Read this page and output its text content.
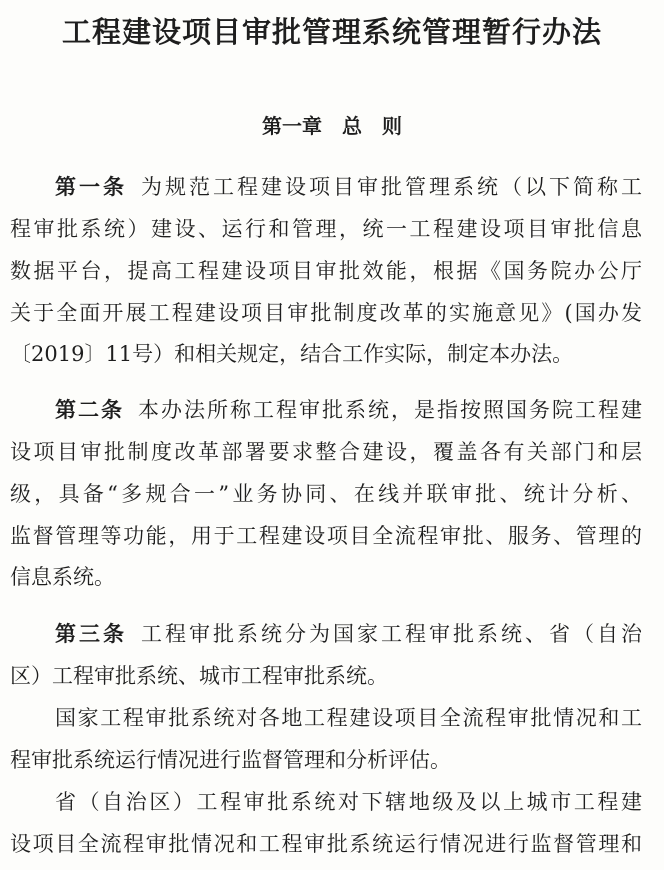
工程建设项目审批管理系统管理暂行办法
第一章 总 则
第一条 为规范工程建设项目审批管理系统（以下简称工
程审批系统）建设、运行和管理，统一工程建设项目审批信息
数据平台，提高工程建设项目审批效能，根据《国务院办公厅
关于全面开展工程建设项目审批制度改革的实施意见》(国办发
〔2019〕11号）和相关规定，结合工作实际，制定本办法。
第二条 本办法所称工程审批系统，是指按照国务院工程建
设项目审批制度改革部署要求整合建设，覆盖各有关部门和层
级，具备“多规合一”业务协同、在线并联审批、统计分析、
监督管理等功能，用于工程建设项目全流程审批、服务、管理的
信息系统。
第三条 工程审批系统分为国家工程审批系统、省（自治
区）工程审批系统、城市工程审批系统。
国家工程审批系统对各地工程建设项目全流程审批情况和工
程审批系统运行情况进行监督管理和分析评估。
省（自治区）工程审批系统对下辖地级及以上城市工程建
设项目全流程审批情况和工程审批系统运行情况进行监督管理和
